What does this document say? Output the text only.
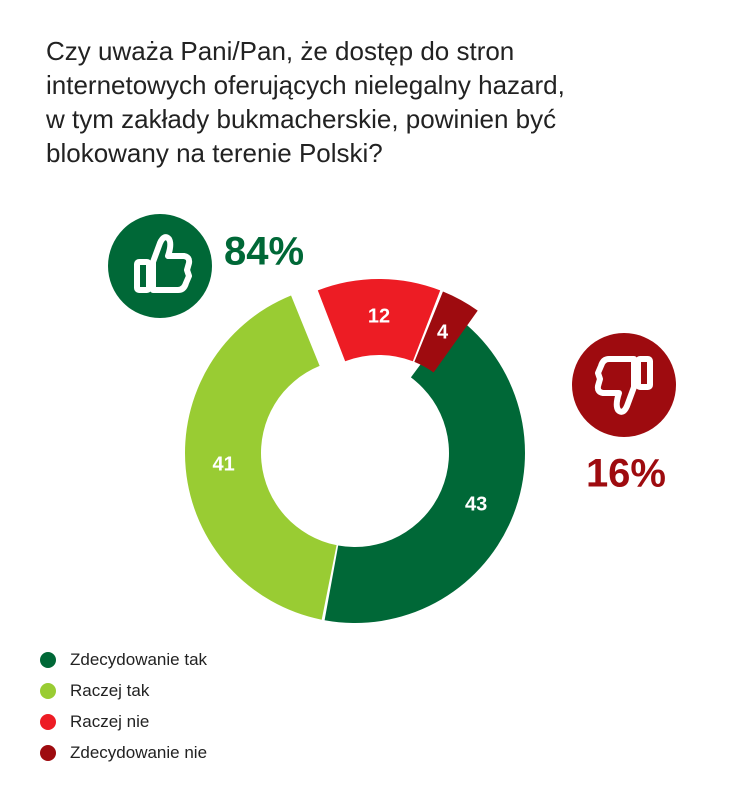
Czy uważa Pani/Pan, że dostęp do stron
internetowych oferujących nielegalny hazard,
w tym zakłady bukmacherskie, powinien być
blokowany na terenie Polski?
43
41
12
4
84%
16%
Zdecydowanie tak
Raczej tak
Raczej nie
Zdecydowanie nie
